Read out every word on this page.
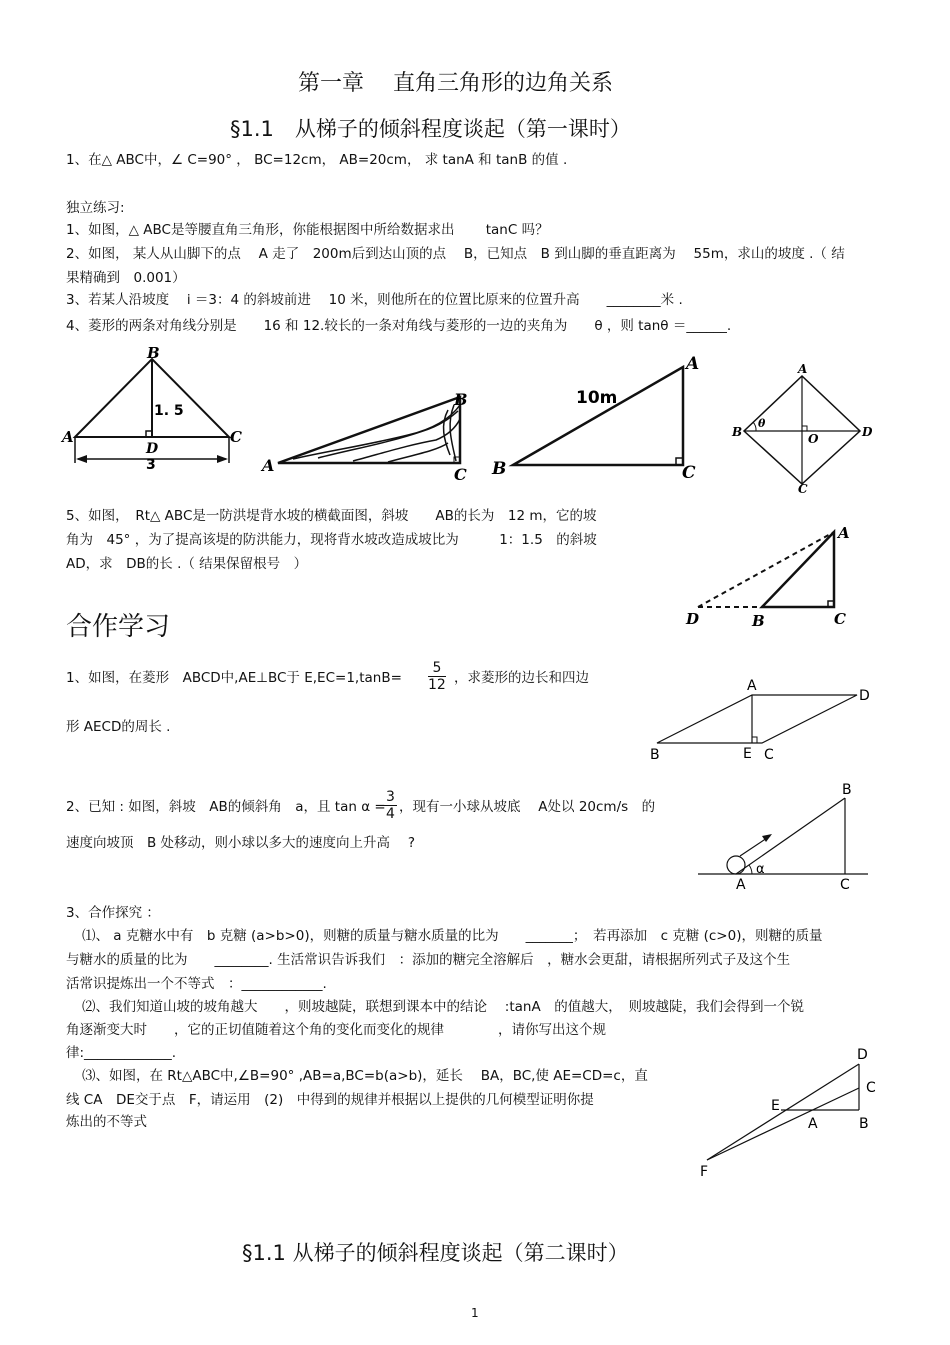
第一章　 直角三角形的边角关系
§1.1　从梯子的倾斜程度谈起（第一课时）
1、在△ ABC中，∠ C=90° ， BC=12cm， AB=20cm， 求 tanA 和 tanB 的值 .
独立练习:
1、如图，△ ABC是等腰直角三角形，你能根据图中所给数据求出　　 tanC 吗？
2、如图， 某人从山脚下的点　 A 走了　200m后到达山顶的点　 B，已知点　B 到山脚的垂直距离为　 55m，求山的坡度 .（ 结
果精确到　0.001）
3、若某人沿坡度　 i ＝3：4 的斜坡前进　 10 米，则他所在的位置比原来的位置升高　　________米 .
4、菱形的两条对角线分别是　　16 和 12.较长的一条对角线与菱形的一边的夹角为　　θ ，则 tanθ ＝______.
B
A	C
D
1. 5
3
B
A	C
A
B	C
10m
A
B
C
D
O
θ
5、如图，　Rt△ ABC是一防洪堤背水坡的横截面图，斜坡　　AB的长为　12 m，它的坡
角为　45° ，为了提高该堤的防洪能力，现将背水坡改造成坡比为　　　1：1.5　的斜坡
AD，求　DB的长 .（ 结果保留根号　）
A
D	B	C
合作学习
1、如图，在菱形　ABCD中,AE⊥BC于 $E,EC=1,\tan B= \frac{5}{12}$ ，求菱形的边长和四边
形 AECD的周长 .
A
D
B	E C
2、已知 : 如图，斜坡　AB的倾斜角　a，且 tan α =
$\frac{3}{4}$ ，现有一小球从坡底　 A处以 20cm/s　的
速度向坡顶　B 处移动，则小球以多大的速度向上升高　 ?
B
A	C
α
3、合作探究 ：
⑴、 a 克糖水中有　b 克糖 (a>b>0)，则糖的质量与糖水质量的比为　　_______；　若再添加　c 克糖 (c>0)，则糖的质量
与糖水的质量的比为　　________. 生活常识告诉我们　：添加的糖完全溶解后　，糖水会更甜，请根据所列式子及这个生
活常识提炼出一个不等式　：____________.
⑵、我们知道山坡的坡角越大　　，则坡越陡，联想到课本中的结论　 :tanA　的值越大，　则坡越陡，我们会得到一个锐
角逐渐变大时　　，它的正切值随着这个角的变化而变化的规律　　　　，请你写出这个规
律:_____________.
⑶、如图，在 Rt△ABC中,∠B=90° ,AB=a,BC=b(a>b)，延长　 BA，BC,使 AE=CD=c，直
线 CA　DE交于点　F，请运用　(2)　中得到的规律并根据以上提供的几何模型证明你提
炼出的不等式
D
C
E
A	B
F
§1.1 从梯子的倾斜程度谈起（第二课时）
1
